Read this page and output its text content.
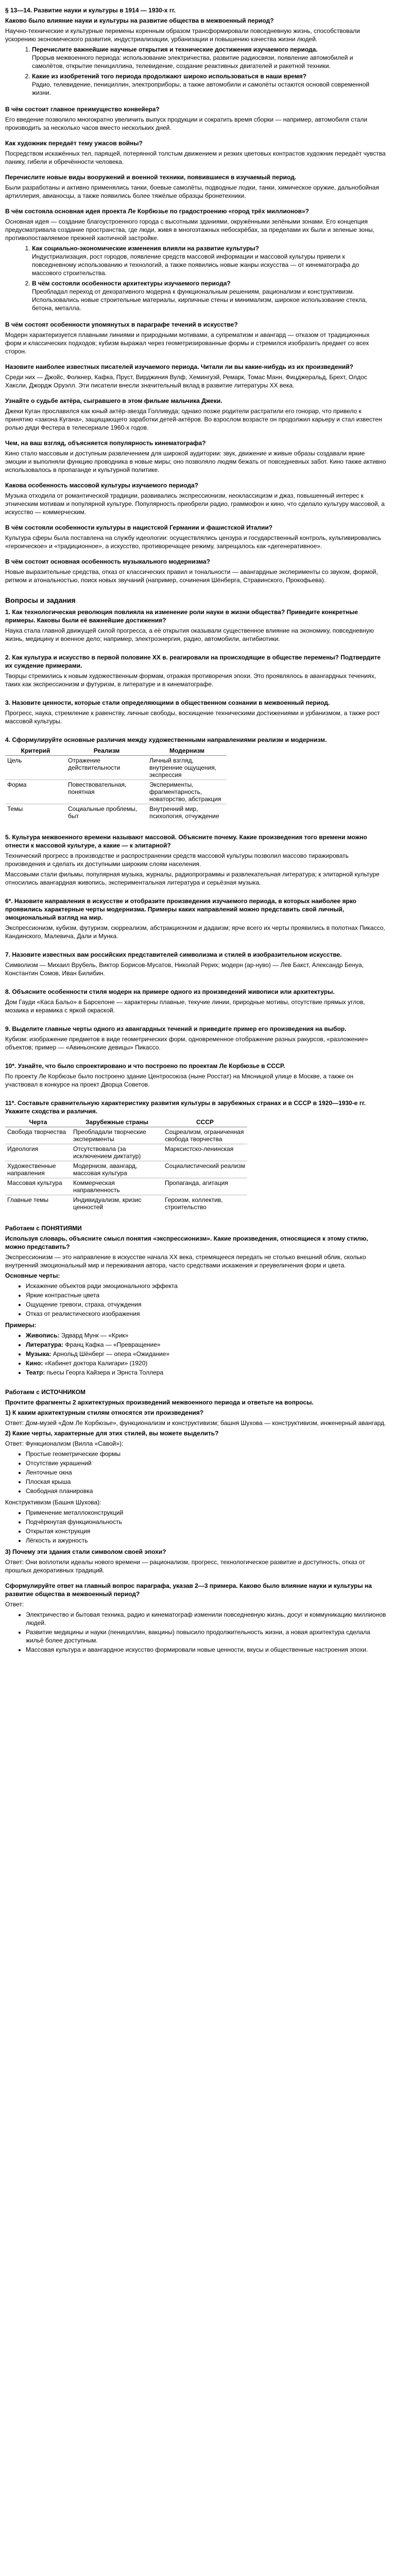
§ 13—14. Развитие науки и культуры в 1914 — 1930-х гг.

Каково было влияние науки и культуры на развитие общества в межвоенный период?

Научно-технические и культурные перемены коренным образом трансформировали повседневную жизнь, способствовали ускорению экономического развития, индустриализации, урбанизации и повышению качества жизни людей.

1. Перечислите важнейшие научные открытия и технические достижения изучаемого периода.

Прорыв межвоенного периода: использование электричества, развитие радиосвязи, появление автомобилей и самолётов, открытие пенициллина, телевидение, создание реактивных двигателей и ракетной техники.

2. Какие из изобретений того периода продолжают широко использоваться в наши время?

Радио, телевидение, пенициллин, электроприборы, а также автомобили и самолёты остаются основой современной жизни.

В чём состоит главное преимущество конвейера?

Его введение позволило многократно увеличить выпуск продукции и сократить время сборки — например, автомобиля стали производить за несколько часов вместо нескольких дней.

Как художник передаёт тему ужасов войны?

Посредством искажённых тел, парящей, потерянной толстым движением и резких цветовых контрастов художник передаёт чувства панику, гибели и обречённости человека.

Перечислите новые виды вооружений и военной техники, появившиеся в изучаемый период.

Были разработаны и активно применялись танки, боевые самолёты, подводные лодки, танки, химическое оружие, дальнобойная артиллерия, авианосцы, а также появились более тяжёлые образцы бронетехники.

В чём состояла основная идея проекта Ле Корбюзье по градостроению «город трёх миллионов»?

Основная идея — создание благоустроенного города с высотными зданиями, окружёнными зелёными зонами. Его концепция предусматривала создание пространства, где люди, живя в многоэтажных небоскрёбах, за пределами их были и зеленые зоны, противопоставляемое прежней хаотичной застройке.

1. Как социально-экономические изменения влияли на развитие культуры?

Индустриализация, рост городов, появление средств массовой информации и массовой культуры привели к повседневному использованию и технологий, а также появились новые жанры искусства — от кинематографа до массового строительства.

2. В чём состояли особенности архитектуры изучаемого периода?

Преобладал переход от декоративного модерна к функциональным решениям, рационализм и конструктивизм. Использовались новые строительные материалы, кирпичные стены и минимализм, широкое использование стекла, бетона, металла.

В чём состоят особенности упомянутых в параграфе течений в искусстве?

Модерн характеризуется плавными линиями и природными мотивами, а супрематизм и авангард — отказом от традиционных форм и классических подходов; кубизм выражал через геометризированные формы и стремился изобразить предмет со всех сторон.

Назовите наиболее известных писателей изучаемого периода. Читали ли вы какие-нибудь из их произведений?

Среди них — Джойс, Фолкнер, Кафка, Пруст, Вирджиния Вулф, Хемингуэй, Ремарк, Томас Манн, Фицджеральд, Брехт, Олдос Хаксли, Джордж Оруэлл. Эти писатели внесли значительный вклад в развитие литературы XX века.

Узнайте о судьбе актёра, сыгравшего в этом фильме мальчика Джеки.

Джеки Куган прославился как юный актёр-звезда Голливуда; однако позже родители растратили его гонорар, что привело к принятию «закона Кугана», защищающего заработки детей-актёров. Во взрослом возрасте он продолжил карьеру и стал известен ролью дяди Фестера в телесериале 1960-х годов.

Чем, на ваш взгляд, объясняется популярность кинематографа?

Кино стало массовым и доступным развлечением для широкой аудитории: звук, движение и живые образы создавали яркие эмоции и выполняли функцию проводника в новые миры; оно позволяло людям бежать от повседневных забот. Кино также активно использовалось в пропаганде и культурной политике.

Какова особенность массовой культуры изучаемого периода?

Музыка отходила от романтической традиции, развивались экспрессионизм, неоклассицизм и джаз, повышенный интерес к этническим мотивам и популярной культуре. Популярность приобрели радио, граммофон и кино, что сделало культуру массовой, а искусство — коммерческим.

В чём состояли особенности культуры в нацистской Германии и фашистской Италии?

Культура сферы была поставлена на службу идеологии: осуществлялись цензура и государственный контроль, культивировались «героическое» и «традиционное», а искусство, противоречащее режиму, запрещалось как «дегенеративное».

В чём состоит основная особенность музыкального модернизма?

Новые выразительные средства, отказ от классических правил и тональности — авангардные эксперименты со звуком, формой, ритмом и атональностью, поиск новых звучаний (например, сочинения Шёнберга, Стравинского, Прокофьева).

Вопросы и задания
1. Как технологическая революция повлияла на изменение роли науки в жизни общества? Приведите конкретные примеры. Каковы были её важнейшие достижения?

Наука стала главной движущей силой прогресса, а её открытия оказывали существенное влияние на экономику, повседневную жизнь, медицину и военное дело; например, электроэнергия, радио, автомобили, антибиотики.

2. Как культура и искусство в первой половине XX в. реагировали на происходящие в обществе перемены? Подтвердите их суждение примерами.

Творцы стремились к новым художественным формам, отражая противоречия эпохи. Это проявлялось в авангардных течениях, таких как экспрессионизм и футуризм, в литературе и в кинематографе.

3. Назовите ценности, которые стали определяющими в общественном сознании в межвоенный период.

Прогресс, наука, стремление к равенству, личные свободы, восхищение техническими достижениями и урбанизмом, а также рост массовой культуры.

4. Сформулируйте основные различия между художественными направлениями реализм и модернизм.
Критерий	Реализм	Модернизм
Цель	Отражение действительности	Личный взгляд, внутренние ощущения, экспрессия
Форма	Повествовательная, понятная	Эксперименты, фрагментарность, новаторство, абстракция
Темы	Социальные проблемы, быт	Внутренний мир, психология, отчуждение
5. Культура межвоенного времени называют массовой. Объясните почему. Какие произведения того времени можно отнести к массовой культуре, а какие — к элитарной?

Технический прогресс в производстве и распространении средств массовой культуры позволил массово тиражировать произведения и сделать их доступными широким слоям населения.

Массовыми стали фильмы, популярная музыка, журналы, радиопрограммы и развлекательная литература; к элитарной культуре относились авангардная живопись, экспериментальная литература и серьёзная музыка.

6*. Назовите направления в искусстве и отобразите произведения изучаемого периода, в которых наиболее ярко проявились характерные черты модернизма. Примеры каких направлений можно представить свой личный, эмоциональный взгляд на мир.

Экспрессионизм, кубизм, футуризм, сюрреализм, абстракционизм и дадаизм; ярче всего их черты проявились в полотнах Пикассо, Кандинского, Малевича, Дали и Мунка.

7. Назовите известных вам российских представителей символизма и стилей в изобразительном искусстве.

Символизм — Михаил Врубель, Виктор Борисов-Мусатов, Николай Рерих; модерн (ар-нуво) — Лев Бакст, Александр Бенуа, Константин Сомов, Иван Билибин.

8. Объясните особенности стиля модерн на примере одного из произведений живописи или архитектуры.

Дом Гауди «Каса Бальо» в Барселоне — характерны плавные, текучие линии, природные мотивы, отсутствие прямых углов, мозаика и керамика с яркой окраской.

9. Выделите главные черты одного из авангардных течений и приведите пример его произведения на выбор.

Кубизм: изображение предметов в виде геометрических форм, одновременное отображение разных ракурсов, «разложение» объектов; пример — «Авиньонские девицы» Пикассо.

10*. Узнайте, что было спроектировано и что построено по проектам Ле Корбюзье в СССР.

По проекту Ле Корбюзье было построено здание Центросоюза (ныне Росстат) на Мясницкой улице в Москве, а также он участвовал в конкурсе на проект Дворца Советов.

11*. Составьте сравнительную характеристику развития культуры в зарубежных странах и в СССР в 1920—1930-е гг. Укажите сходства и различия.
Черта	Зарубежные страны	СССР
Свобода творчества	Преобладали творческие эксперименты	Соцреализм, ограниченная свобода творчества
Идеология	Отсутствовала (за исключением диктатур)	Марксистско-ленинская
Художественные направления	Модернизм, авангард, массовая культура	Социалистический реализм
Массовая культура	Коммерческая направленность	Пропаганда, агитация
Главные темы	Индивидуализм, кризис ценностей	Героизм, коллектив, строительство
Работаем с ПОНЯТИЯМИ

Используя словарь, объясните смысл понятия «экспрессионизм». Какие произведения, относящиеся к этому стилю, можно представить?

Экспрессионизм — это направление в искусстве начала XX века, стремящееся передать не столько внешний облик, сколько внутренний эмоциональный мир и переживания автора, часто средствами искажения и преувеличения форм и цвета.

Основные черты:

• Искажение объектов ради эмоционального эффекта
• Яркие контрастные цвета
• Ощущение тревоги, страха, отчуждения
• Отказ от реалистического изображения

Примеры:

• Живопись: Эдвард Мунк — «Крик»
• Литература: Франц Кафка — «Превращение»
• Музыка: Арнольд Шёнберг — опера «Ожидание»
• Кино: «Кабинет доктора Калигари» (1920)
• Театр: пьесы Георга Кайзера и Эрнста Толлера
Работаем с ИСТОЧНИКОМ

Прочтите фрагменты 2 архитектурных произведений межвоенного периода и ответьте на вопросы.

1) К каким архитектурным стилям относятся эти произведения?

Ответ: Дом-музей «Дом Ле Корбюзье», функционализм и конструктивизм; башня Шухова — конструктивизм, инженерный авангард.

2) Какие черты, характерные для этих стилей, вы можете выделить?

Ответ: Функционализм (Вилла «Савой»):

• Простые геометрические формы
• Отсутствие украшений
• Ленточные окна
• Плоская крыша
• Свободная планировка

Конструктивизм (Башня Шухова):

• Применение металлоконструкций
• Подчёркнутая функциональность
• Открытая конструкция
• Лёгкость и ажурность

3) Почему эти здания стали символом своей эпохи?

Ответ: Они воплотили идеалы нового времени — рационализм, прогресс, технологическое развитие и доступность, отказ от прошлых декоративных традиций.

Сформулируйте ответ на главный вопрос параграфа, указав 2—3 примера. Каково было влияние науки и культуры на развитие общества в межвоенный период?

Ответ:

• Электричество и бытовая техника, радио и кинематограф изменили повседневную жизнь, досуг и коммуникацию миллионов людей.
• Развитие медицины и науки (пенициллин, вакцины) повысило продолжительность жизни, а новая архитектура сделала жильё более доступным.
• Массовая культура и авангардное искусство формировали новые ценности, вкусы и общественные настроения эпохи.
